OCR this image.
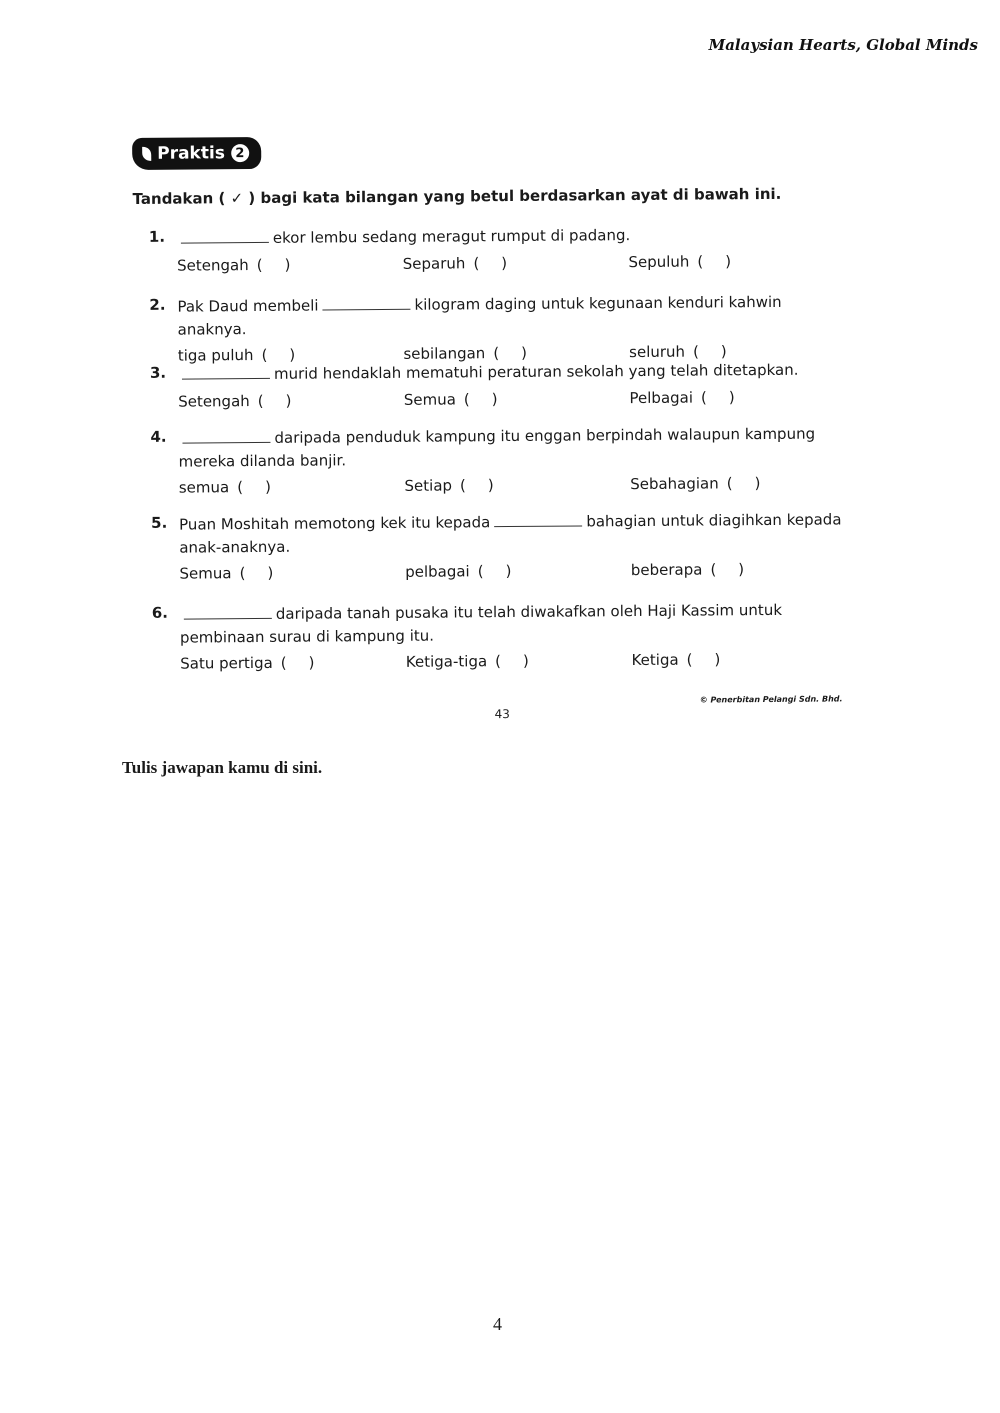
Malaysian Hearts, Global Minds
Praktis 2
Tandakan ( ✓ ) bagi kata bilangan yang betul berdasarkan ayat di bawah ini.
1.	ekor lembu sedang meragut rumput di padang.
Setengah ( )	Separuh ( )	Sepuluh ( )
2. Pak Daud membeli	kilogram daging untuk kegunaan kenduri kahwin anaknya.
tiga puluh ( )	sebilangan ( )	seluruh ( )
3.	murid hendaklah mematuhi peraturan sekolah yang telah ditetapkan.
Setengah ( )	Semua ( )	Pelbagai ( )
4.	daripada penduduk kampung itu enggan berpindah walaupun kampung mereka dilanda banjir.
semua ( )	Setiap ( )	Sebahagian ( )
5. Puan Moshitah memotong kek itu kepada	bahagian untuk diagihkan kepada anak-anaknya.
Semua ( )	pelbagai ( )	beberapa ( )
6.	daripada tanah pusaka itu telah diwakafkan oleh Haji Kassim untuk pembinaan surau di kampung itu.
Satu pertiga ( )	Ketiga-tiga ( )	Ketiga ( )
43
© Penerbitan Pelangi Sdn. Bhd.
Tulis jawapan kamu di sini.
4
